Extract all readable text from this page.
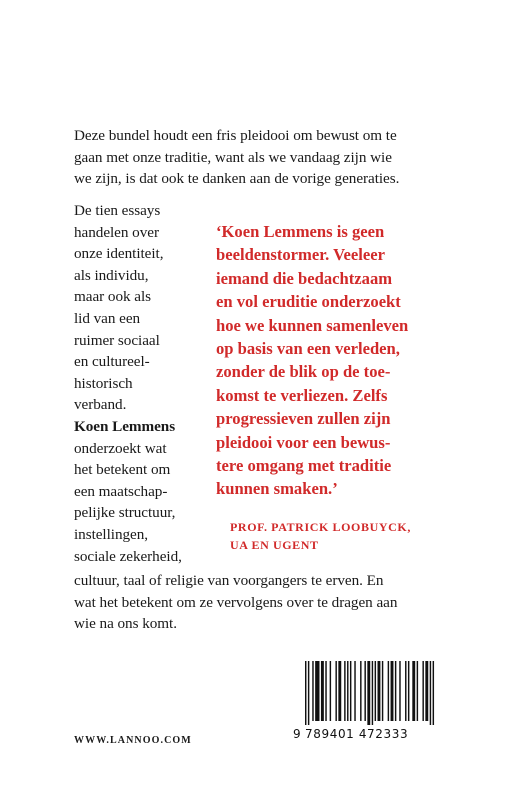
Deze bundel houdt een fris pleidooi om bewust om te
gaan met onze traditie, want als we vandaag zijn wie
we zijn, is dat ook te danken aan de vorige generaties.
De tien essays
handelen over
onze identiteit,
als individu,
maar ook als
lid van een
ruimer sociaal
en cultureel-
historisch
verband.
Koen Lemmens
onderzoekt wat
het betekent om
een maatschap-
pelijke structuur,
instellingen,
sociale zekerheid,
‘Koen Lemmens is geen
beeldenstormer. Veeleer
iemand die bedachtzaam
en vol eruditie onderzoekt
hoe we kunnen samenleven
op basis van een verleden,
zonder de blik op de toe-
komst te verliezen. Zelfs
progressieven zullen zijn
pleidooi voor een bewus-
tere omgang met traditie
kunnen smaken.’
PROF. PATRICK LOOBUYCK,
UA EN UGENT
cultuur, taal of religie van voorgangers te erven. En
wat het betekent om ze vervolgens over te dragen aan
wie na ons komt.
WWW.LANNOO.COM	9 789401 472333
